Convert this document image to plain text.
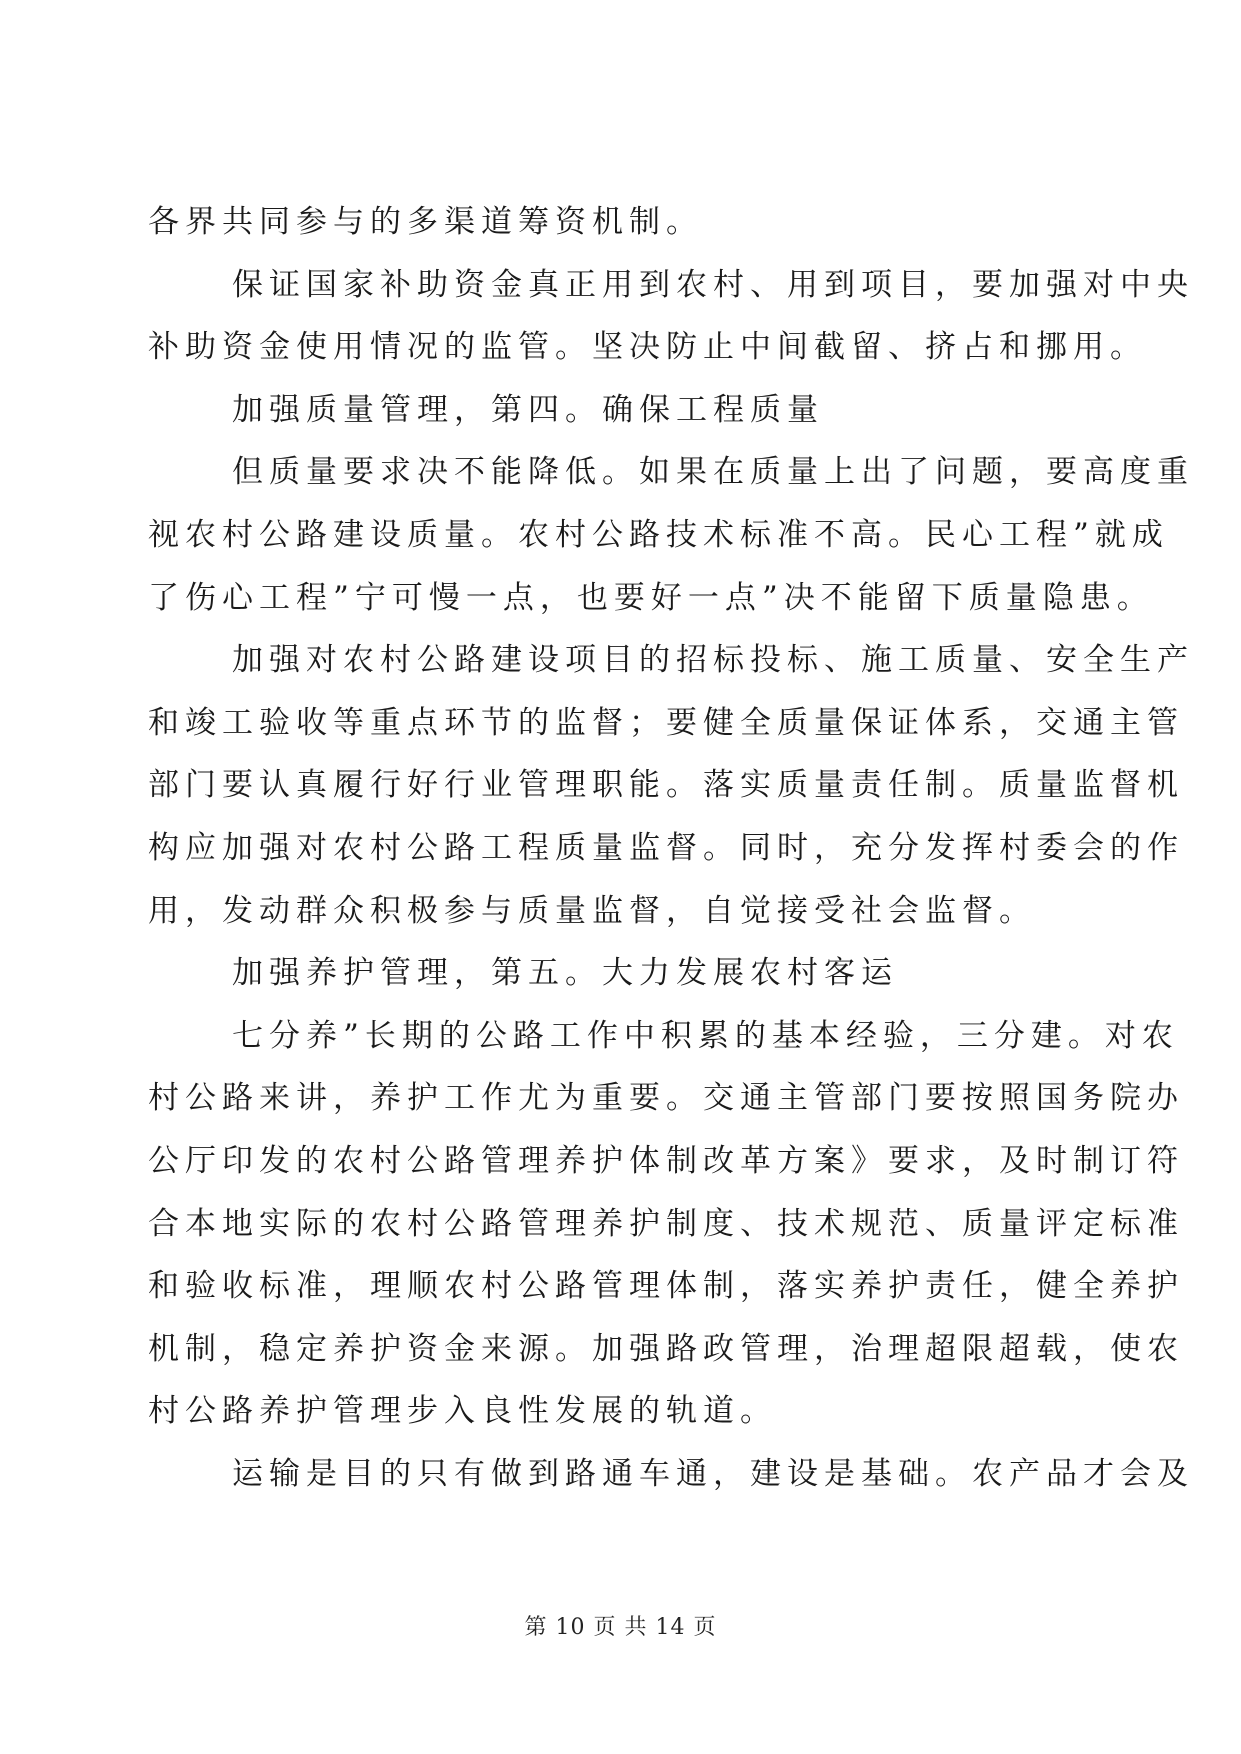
各界共同参与的多渠道筹资机制。
保证国家补助资金真正用到农村、用到项目，要加强对中央
补助资金使用情况的监管。坚决防止中间截留、挤占和挪用。
加强质量管理，第四。确保工程质量
但质量要求决不能降低。如果在质量上出了问题，要高度重
视农村公路建设质量。农村公路技术标准不高。民心工程”就成
了伤心工程”宁可慢一点，也要好一点”决不能留下质量隐患。
加强对农村公路建设项目的招标投标、施工质量、安全生产
和竣工验收等重点环节的监督；要健全质量保证体系，交通主管
部门要认真履行好行业管理职能。落实质量责任制。质量监督机
构应加强对农村公路工程质量监督。同时，充分发挥村委会的作
用，发动群众积极参与质量监督，自觉接受社会监督。
加强养护管理，第五。大力发展农村客运
七分养”长期的公路工作中积累的基本经验，三分建。对农
村公路来讲，养护工作尤为重要。交通主管部门要按照国务院办
公厅印发的农村公路管理养护体制改革方案》要求，及时制订符
合本地实际的农村公路管理养护制度、技术规范、质量评定标准
和验收标准，理顺农村公路管理体制，落实养护责任，健全养护
机制，稳定养护资金来源。加强路政管理，治理超限超载，使农
村公路养护管理步入良性发展的轨道。
运输是目的只有做到路通车通，建设是基础。农产品才会及
第 10 页 共 14 页
